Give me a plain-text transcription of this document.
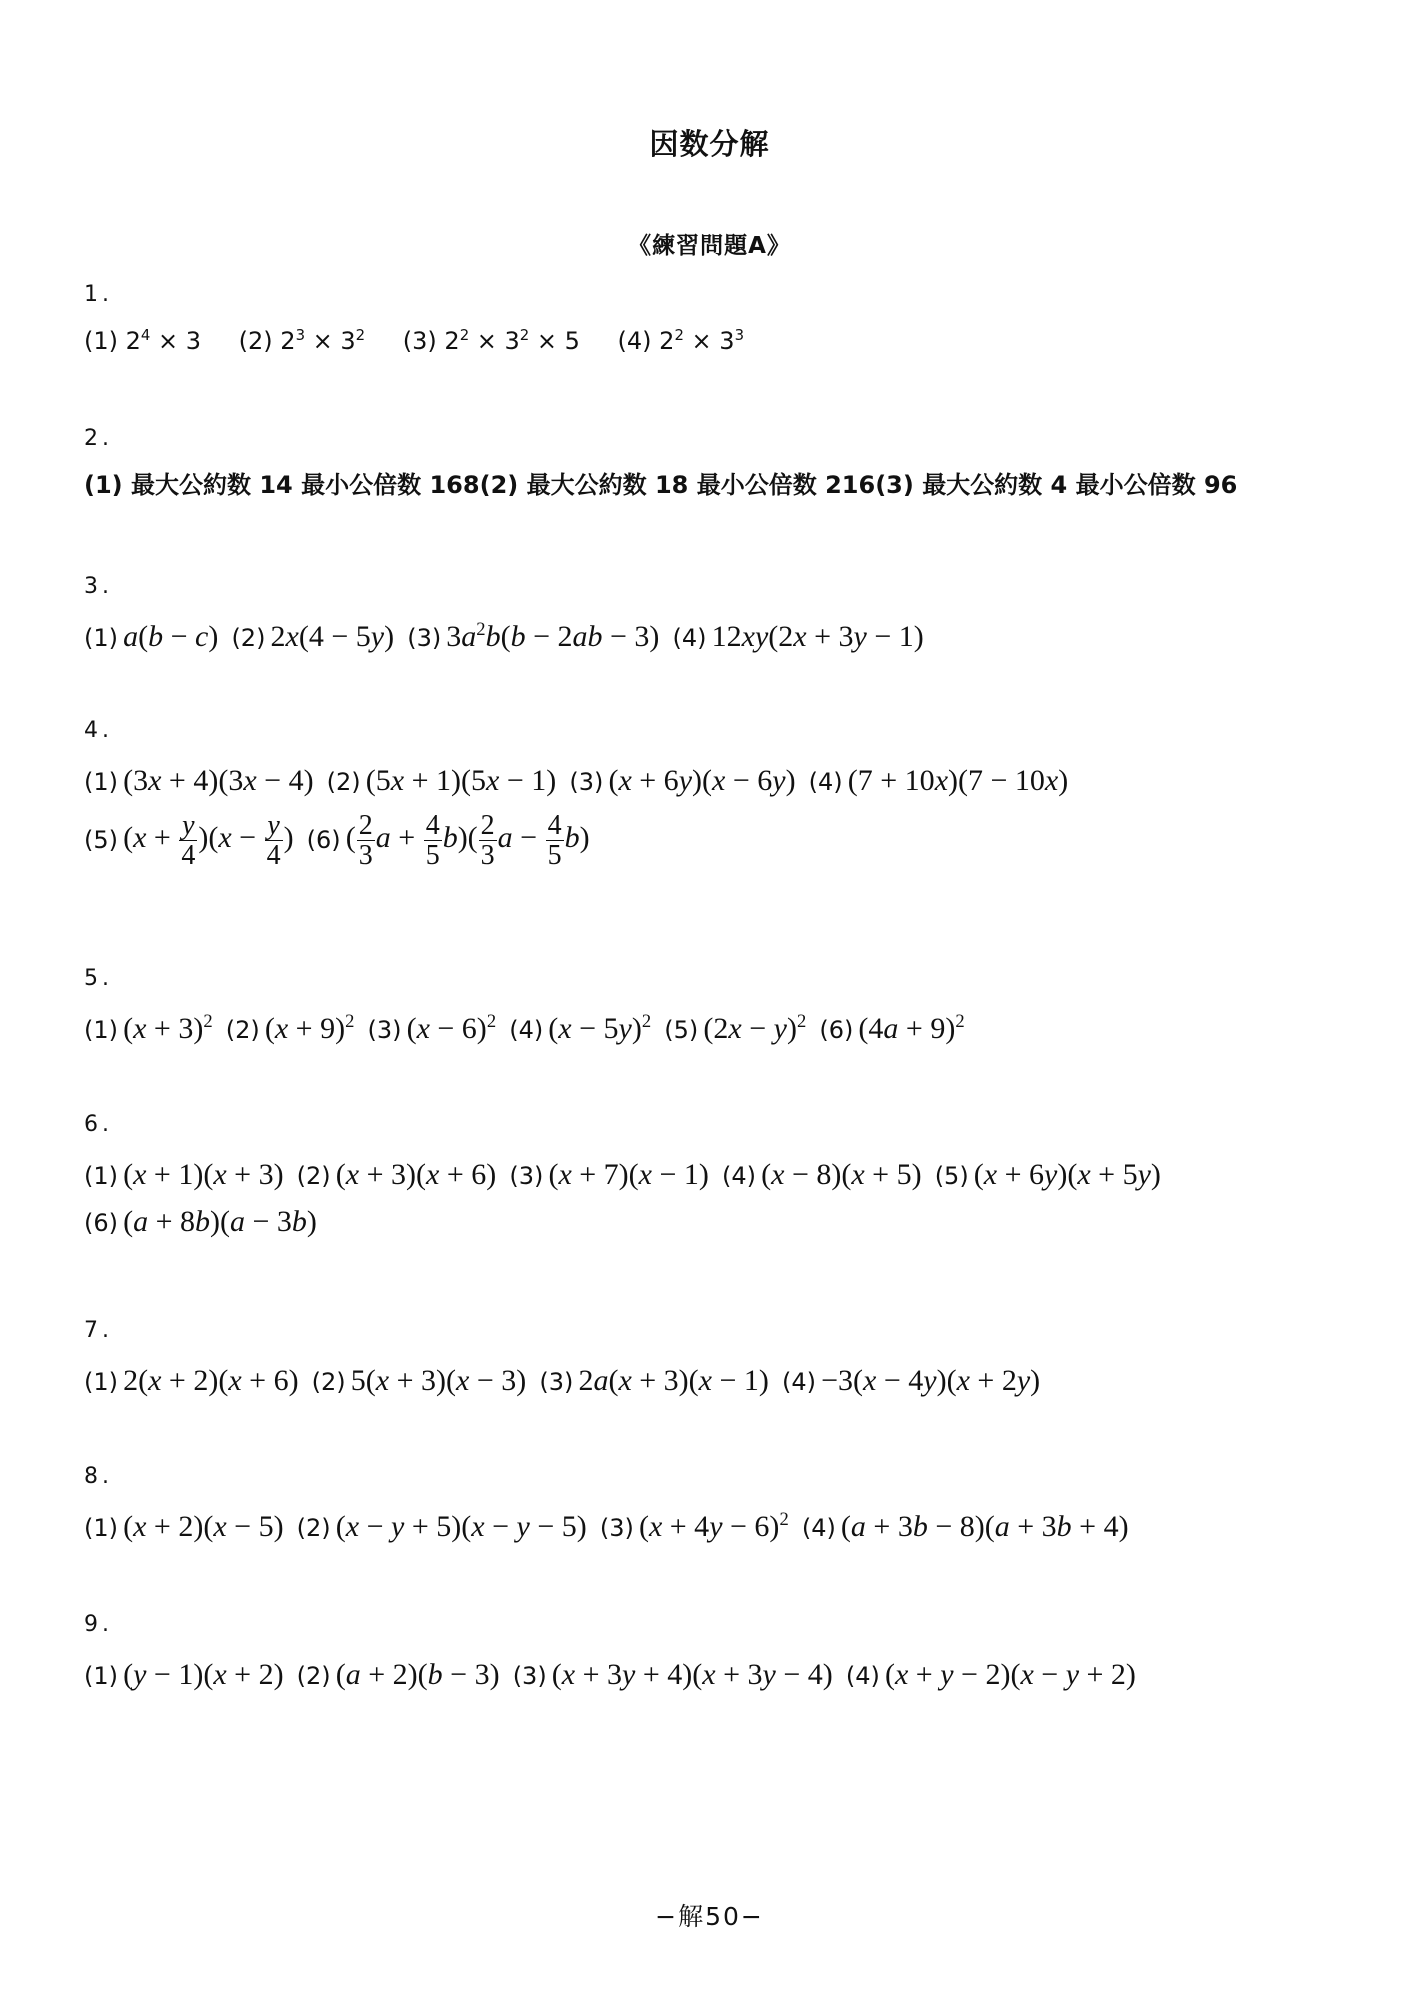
因数分解
《練習問題A》
1.
(1) $2^4 \times 3$ (2) $2^3 \times 3^2$ (3) $2^2 \times 3^2 \times 5$ (4) $2^2 \times 3^3$
2.
(1) 最大公約数 14 最小公倍数 168(2) 最大公約数 18 最小公倍数 216(3) 最大公約数 4 最小公倍数 96
3.
(1) a(b − c) (2) 2x(4 − 5y) (3) $3a^2b(b - 2ab - 3)$ (4) 12xy(2x + 3y − 1)
4.
(1) (3x + 4)(3x − 4) (2) (5x + 1)(5x − 1) (3) (x + 6y)(x − 6y) (4) (7 + 10x)(7 − 10x)
(5) $(x + \frac{y}{4} )(x - \frac{y}{4}$ ) (6) ( $\frac{2}{3}$ $a + \frac{4}{5} b)( \frac{2}{3}$ $a - \frac{4}{5} b$)
5.
(1) $(x + 3)^2$ (2) $(x + 9)^2$ (3) $(x - 6)^2$ (4) $(x - 5y)^2$ (5) $(2x - y)^2$ (6) $(4a + 9)^2$
6.
(1) (x + 1)(x + 3) (2) (x + 3)(x + 6) (3) (x + 7)(x − 1) (4) (x − 8)(x + 5) (5) (x + 6y)(x + 5y)
(6) (a + 8b)(a − 3b)
7.
(1) 2(x + 2)(x + 6) (2) 5(x + 3)(x − 3) (3) 2a(x + 3)(x − 1) (4) −3(x − 4y)(x + 2y)
8.
(1) (x + 2)(x − 5) (2) (x − y + 5)(x − y − 5) (3) $(x + 4y - 6)^2$ (4) (a + 3b − 8)(a + 3b + 4)
9.
(1) (y − 1)(x + 2) (2) (a + 2)(b − 3) (3) (x + 3y + 4)(x + 3y − 4) (4) (x + y − 2)(x − y + 2)
−解50−
